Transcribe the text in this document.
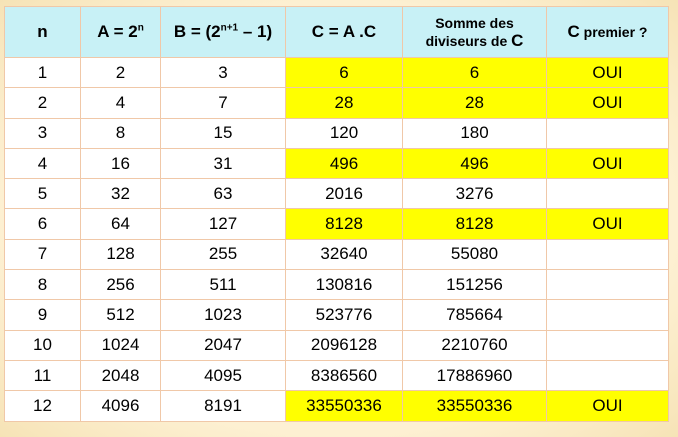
n	$A = 2^n$	$B = (2^{n+1} - 1)$	C = A .C	Somme des
diviseurs de C	C premier ?
1	2	3	6	6	OUI
2	4	7	28	28	OUI
3	8	15	120	180	
4	16	31	496	496	OUI
5	32	63	2016	3276	
6	64	127	8128	8128	OUI
7	128	255	32640	55080	
8	256	511	130816	151256	
9	512	1023	523776	785664	
10	1024	2047	2096128	2210760	
11	2048	4095	8386560	17886960	
12	4096	8191	33550336	33550336	OUI
